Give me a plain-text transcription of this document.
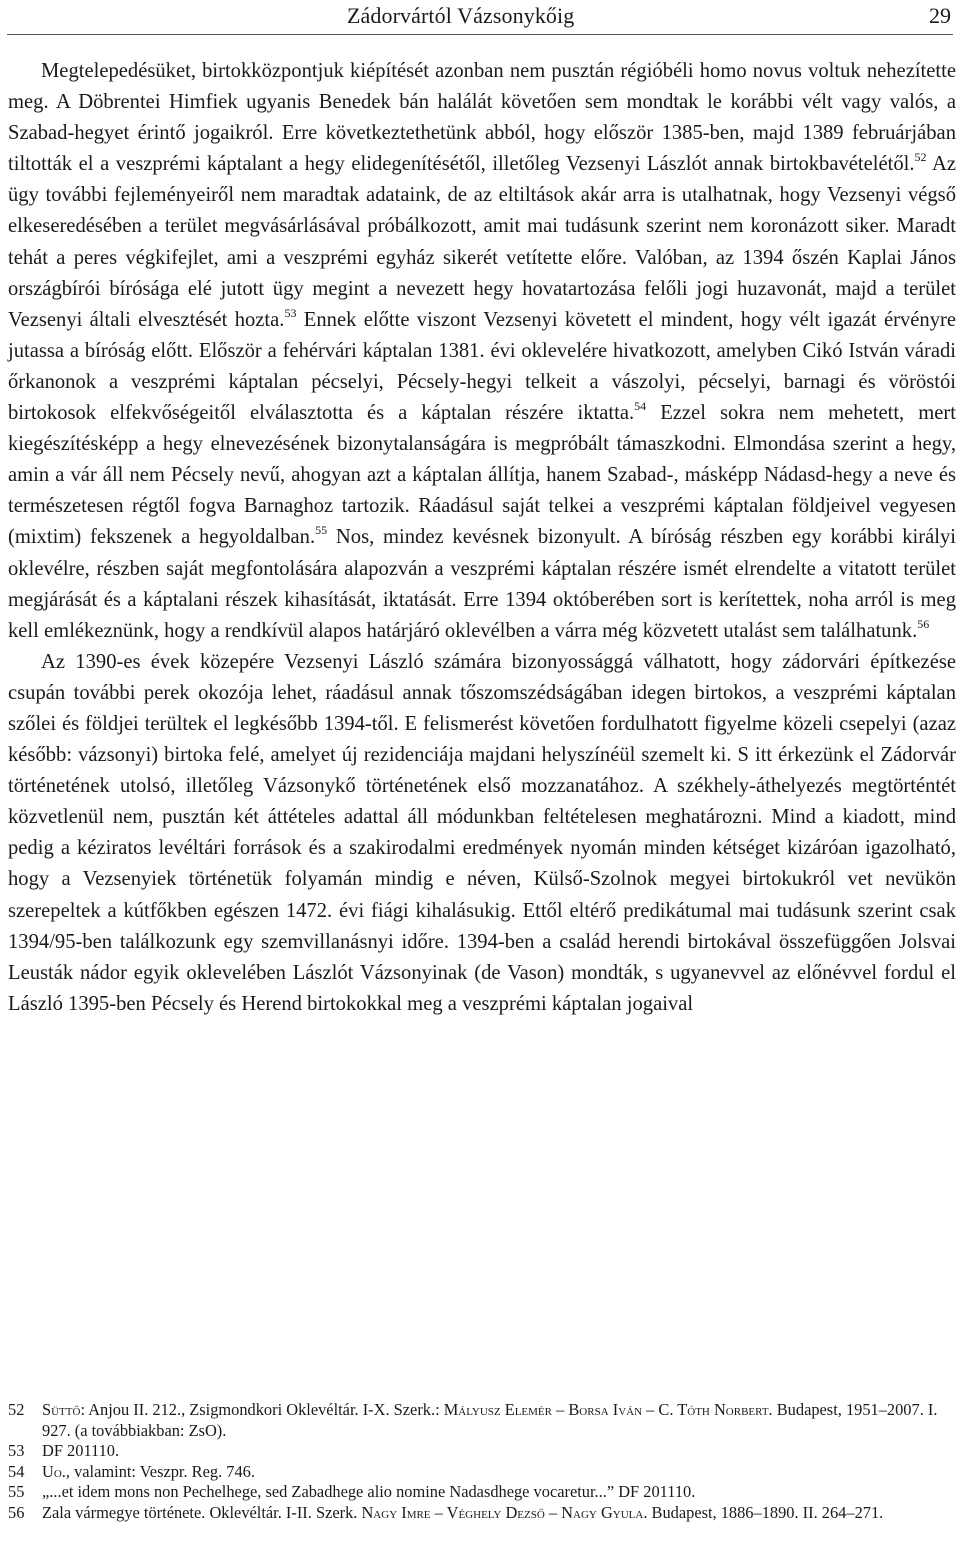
Zádorvártól Vázsonykőig	29

Megtelepedésüket, birtokközpontjuk kiépítését azonban nem pusztán régióbéli homo novus voltuk nehezítette meg. A Döbrentei Himfiek ugyanis Benedek bán halálát követően sem mondtak le korábbi vélt vagy valós, a Szabad-hegyet érintő jogaikról. Erre következtethetünk abból, hogy először 1385-ben, majd 1389 februárjában tiltották el a veszprémi káptalant a hegy elidegenítésétől, illetőleg Vezsenyi Lászlót annak birtokbavételétől.$^{52}$ Az ügy további fejleményeiről nem maradtak adataink, de az eltiltások akár arra is utalhatnak, hogy Vezsenyi végső elkeseredésében a terület megvásárlásával próbálkozott, amit mai tudásunk szerint nem koronázott siker. Maradt tehát a peres végkifejlet, ami a veszprémi egyház sikerét vetítette előre. Valóban, az 1394 őszén Kaplai János országbírói bírósága elé jutott ügy megint a nevezett hegy hovatartozása felőli jogi huzavonát, majd a terület Vezsenyi általi elvesztését hozta.$^{53}$ Ennek előtte viszont Vezsenyi követett el mindent, hogy vélt igazát érvényre jutassa a bíróság előtt. Először a fehérvári káptalan 1381. évi oklevelére hivatkozott, amelyben Cikó István váradi őrkanonok a veszprémi káptalan pécselyi, Pécsely-hegyi telkeit a vászolyi, pécselyi, barnagi és vöröstói birtokosok elfekvőségeitől elválasztotta és a káptalan részére iktatta.$^{54}$ Ezzel sokra nem mehetett, mert kiegészítésképp a hegy elnevezésének bizonytalanságára is megpróbált támaszkodni. Elmondása szerint a hegy, amin a vár áll nem Pécsely nevű, ahogyan azt a káptalan állítja, hanem Szabad-, másképp Nádasd-hegy a neve és természetesen régtől fogva Barnaghoz tartozik. Ráadásul saját telkei a veszprémi káptalan földjeivel vegyesen (mixtim) fekszenek a hegyoldalban.$^{55}$ Nos, mindez kevésnek bizonyult. A bíróság részben egy korábbi királyi oklevélre, részben saját megfontolására alapozván a veszprémi káptalan részére ismét elrendelte a vitatott terület megjárását és a káptalani részek kihasítását, iktatását. Erre 1394 októberében sort is kerítettek, noha arról is meg kell emlékeznünk, hogy a rendkívül alapos határjáró oklevélben a várra még közvetett utalást sem találhatunk.$^{56}$

Az 1390-es évek közepére Vezsenyi László számára bizonyossággá válhatott, hogy zádorvári építkezése csupán további perek okozója lehet, ráadásul annak tőszomszédságában idegen birtokos, a veszprémi káptalan szőlei és földjei terültek el legkésőbb 1394-től. E felismerést követően fordulhatott figyelme közeli csepelyi (azaz később: vázsonyi) birtoka felé, amelyet új rezidenciája majdani helyszínéül szemelt ki. S itt érkezünk el Zádorvár történetének utolsó, illetőleg Vázsonykő történetének első mozzanatához. A székhely-áthelyezés megtörténtét közvetlenül nem, pusztán két áttételes adattal áll módunkban feltételesen meghatározni. Mind a kiadott, mind pedig a kéziratos levéltári források és a szakirodalmi eredmények nyomán minden kétséget kizáróan igazolható, hogy a Vezsenyiek történetük folyamán mindig e néven, Külső-Szolnok megyei birtokukról vet nevükön szerepeltek a kútfőkben egészen 1472. évi fiági kihalásukig. Ettől eltérő predikátumal mai tudásunk szerint csak 1394/95-ben találkozunk egy szemvillanásnyi időre. 1394-ben a család herendi birtokával összefüggően Jolsvai Leusták nádor egyik oklevelében Lászlót Vázsonyinak (de Vason) mondták, s ugyanevvel az előnévvel fordul el László 1395-ben Pécsely és Herend birtokokkal meg a veszprémi káptalan jogaival

52 Süttő: Anjou II. 212., Zsigmondkori Oklevéltár. I-X. Szerk.: Mályusz Elemér – Borsa Iván – C. Tóth Norbert. Budapest, 1951–2007. I. 927. (a továbbiakban: ZsO).
53 DF 201110.
54 Uo., valamint: Veszpr. Reg. 746.
55 „...et idem mons non Pechelhege, sed Zabadhege alio nomine Nadasdhege vocaretur...” DF 201110.
56 Zala vármegye története. Oklevéltár. I-II. Szerk. Nagy Imre – Véghely Dezső – Nagy Gyula. Budapest, 1886–1890. II. 264–271.
